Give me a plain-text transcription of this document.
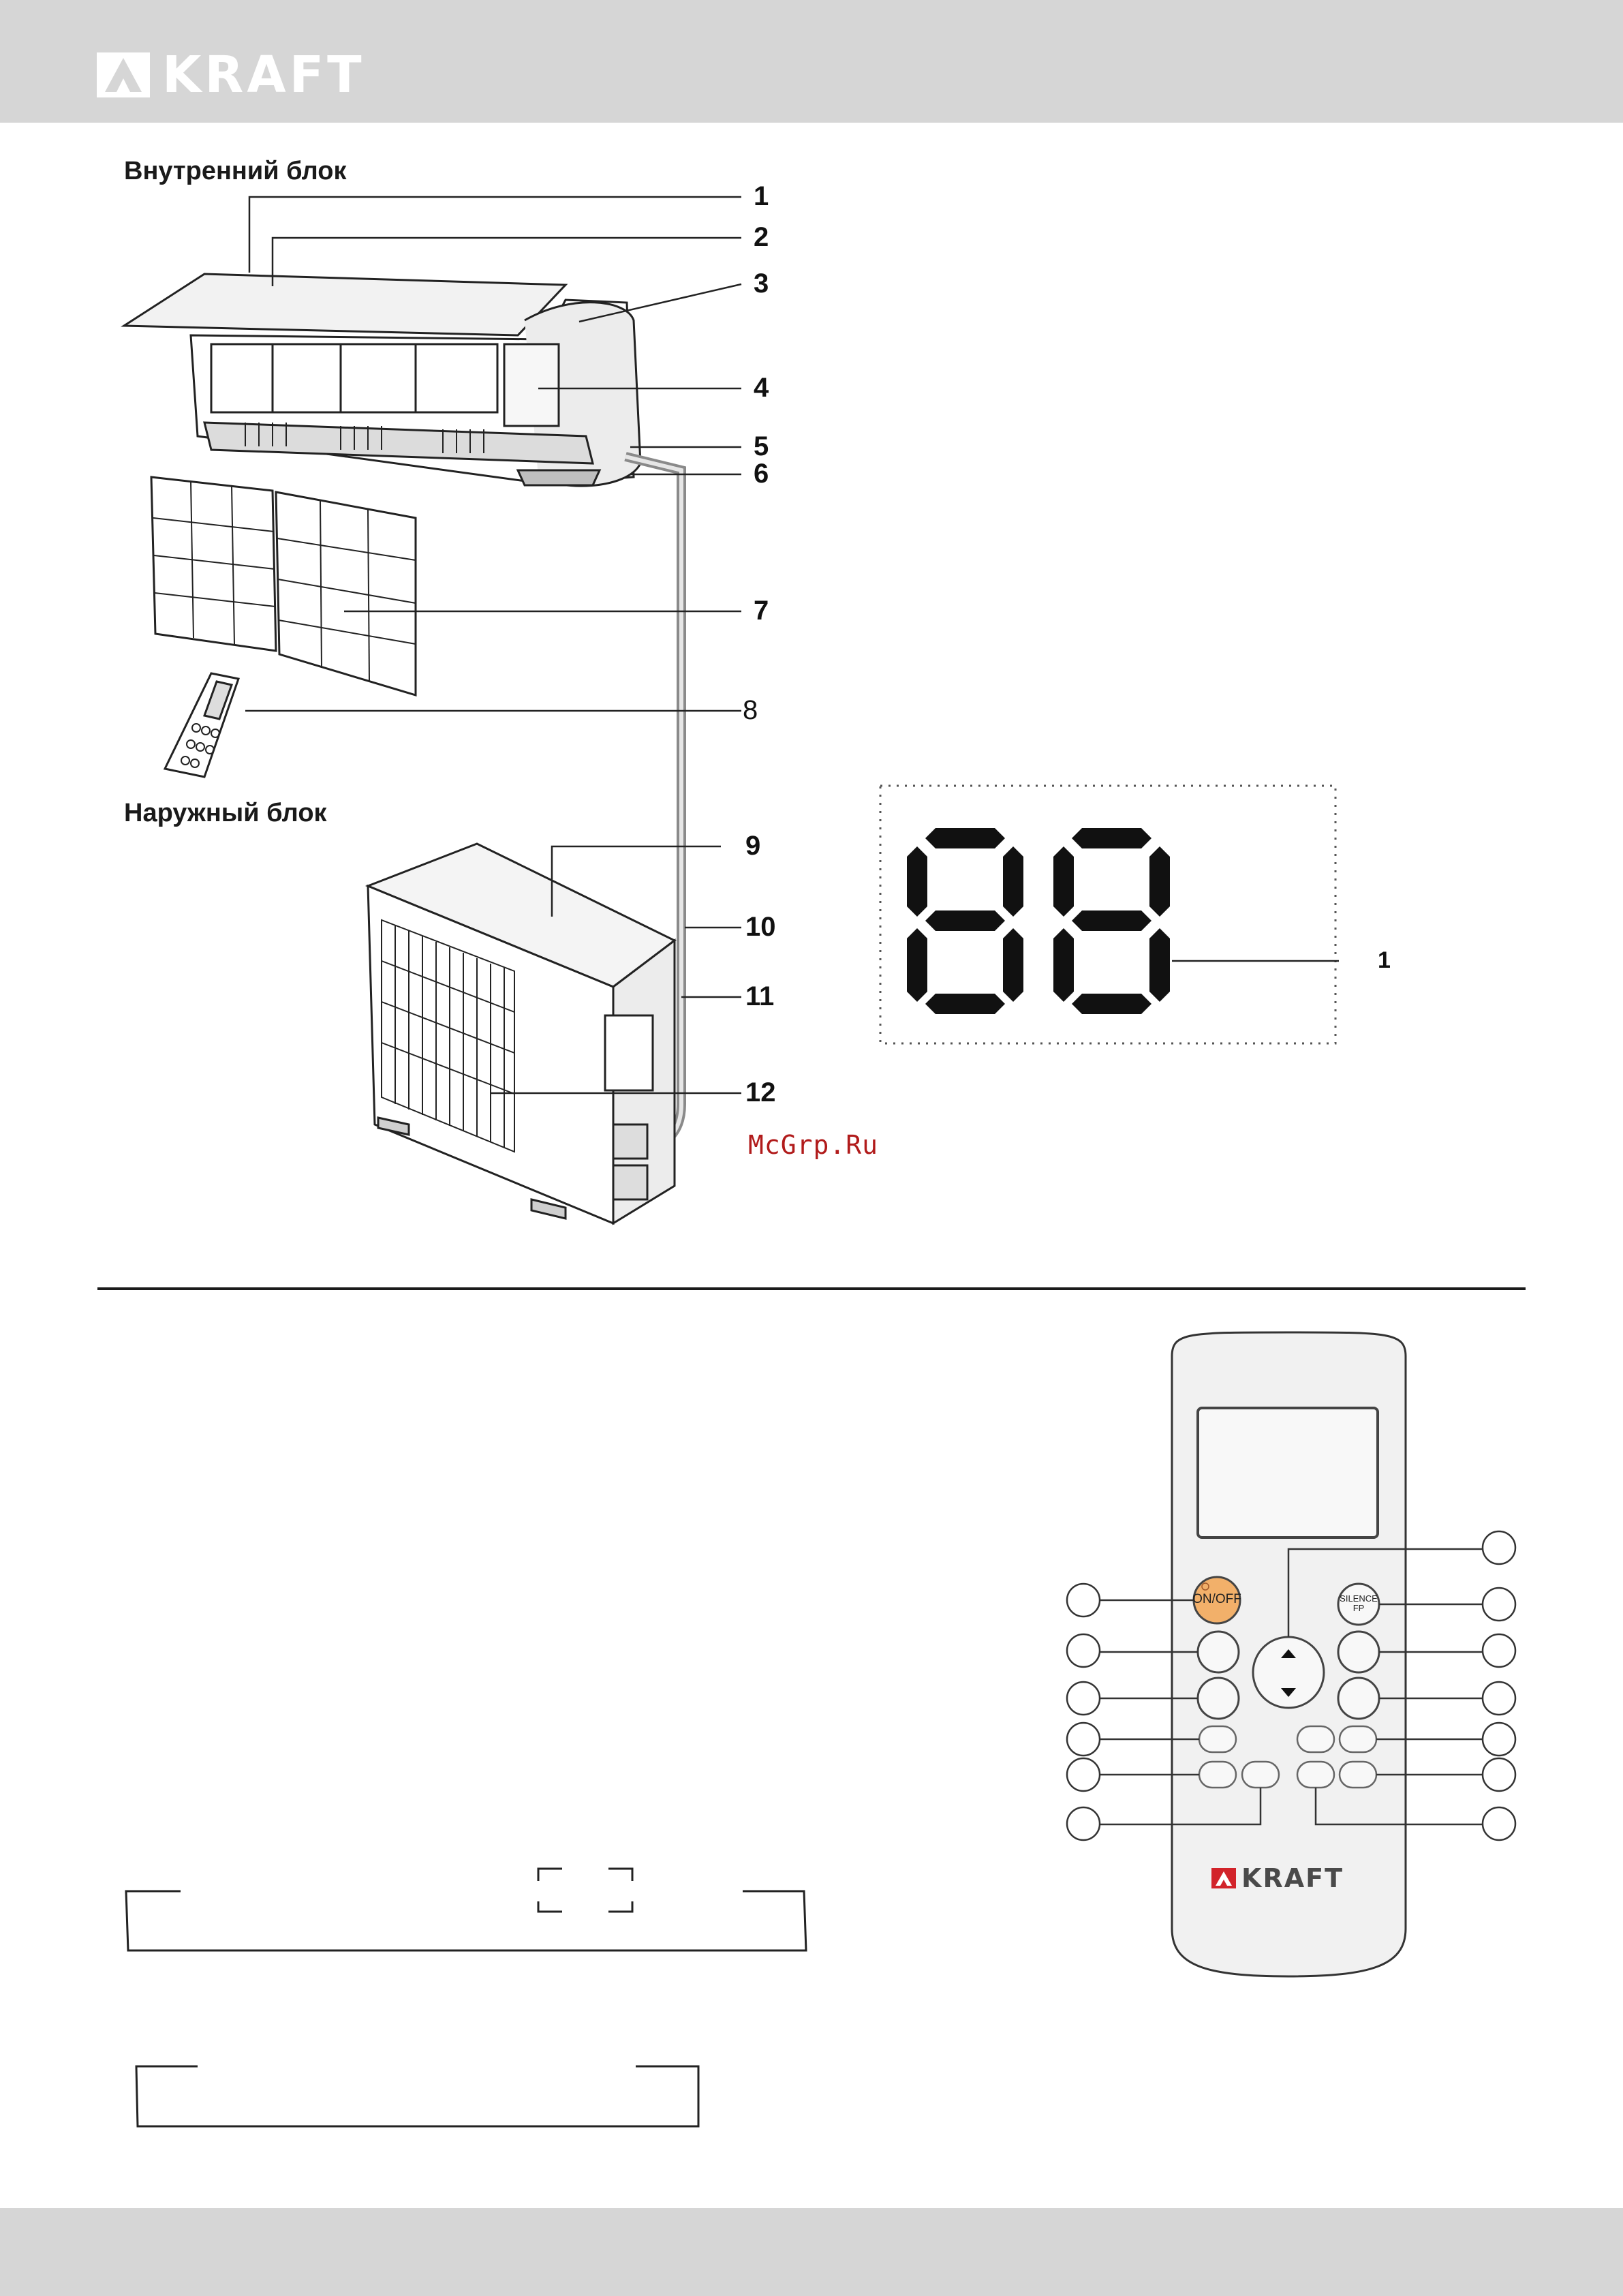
KRAFT
Внутренний блок
Наружный блок
1
2
3
4
5
6
7
8
9
10
11
12
1
McGrp.Ru
ON/OFF	SILENCE
FP
KRAFT
